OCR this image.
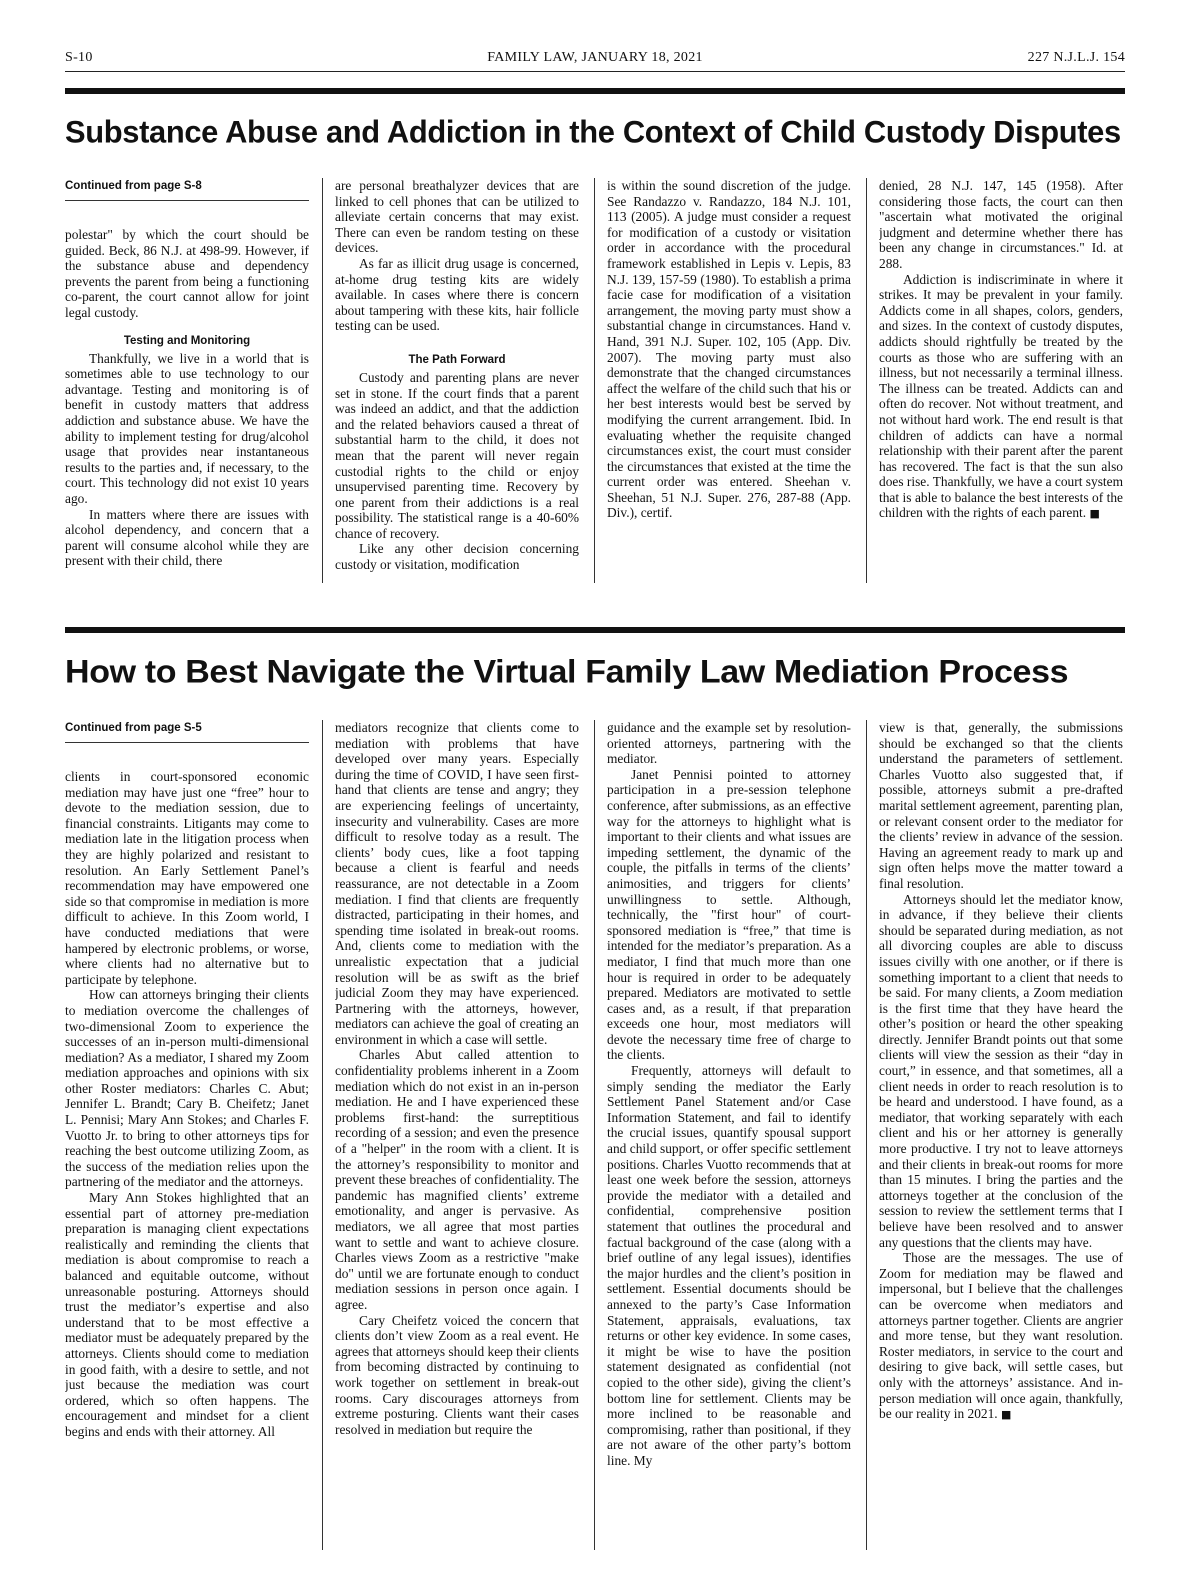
FAMILY LAW, JANUARY 18, 2021
S-10	227 N.J.L.J. 154
Substance Abuse and Addiction in the Context of Child Custody Disputes
Continued from page S-8

polestar" by which the court should be guided. Beck, 86 N.J. at 498-99. However, if the substance abuse and dependency prevents the parent from being a functioning co-parent, the court cannot allow for joint legal custody.

Testing and Monitoring

Thankfully, we live in a world that is sometimes able to use technology to our advantage. Testing and monitoring is of benefit in custody matters that address addiction and substance abuse. We have the ability to implement testing for drug/alcohol usage that provides near instantaneous results to the parties and, if necessary, to the court. This technology did not exist 10 years ago.

In matters where there are issues with alcohol dependency, and concern that a parent will consume alcohol while they are present with their child, there

are personal breathalyzer devices that are linked to cell phones that can be utilized to alleviate certain concerns that may exist. There can even be random testing on these devices.

As far as illicit drug usage is concerned, at-home drug testing kits are widely available. In cases where there is concern about tampering with these kits, hair follicle testing can be used.

The Path Forward

Custody and parenting plans are never set in stone. If the court finds that a parent was indeed an addict, and that the addiction and the related behaviors caused a threat of substantial harm to the child, it does not mean that the parent will never regain custodial rights to the child or enjoy unsupervised parenting time. Recovery by one parent from their addictions is a real possibility. The statistical range is a 40-60% chance of recovery.

Like any other decision concerning custody or visitation, modification

is within the sound discretion of the judge. See Randazzo v. Randazzo, 184 N.J. 101, 113 (2005). A judge must consider a request for modification of a custody or visitation order in accordance with the procedural framework established in Lepis v. Lepis, 83 N.J. 139, 157-59 (1980). To establish a prima facie case for modification of a visitation arrangement, the moving party must show a substantial change in circumstances. Hand v. Hand, 391 N.J. Super. 102, 105 (App. Div. 2007). The moving party must also demonstrate that the changed circumstances affect the welfare of the child such that his or her best interests would best be served by modifying the current arrangement. Ibid. In evaluating whether the requisite changed circumstances exist, the court must consider the circumstances that existed at the time the current order was entered. Sheehan v. Sheehan, 51 N.J. Super. 276, 287-88 (App. Div.), certif.

denied, 28 N.J. 147, 145 (1958). After considering those facts, the court can then "ascertain what motivated the original judgment and determine whether there has been any change in circumstances." Id. at 288.

Addiction is indiscriminate in where it strikes. It may be prevalent in your family. Addicts come in all shapes, colors, genders, and sizes. In the context of custody disputes, addicts should rightfully be treated by the courts as those who are suffering with an illness, but not necessarily a terminal illness. The illness can be treated. Addicts can and often do recover. Not without treatment, and not without hard work. The end result is that children of addicts can have a normal relationship with their parent after the parent has recovered. The fact is that the sun also does rise. Thankfully, we have a court system that is able to balance the best interests of the children with the rights of each parent. ■

How to Best Navigate the Virtual Family Law Mediation Process
Continued from page S-5

clients in court-sponsored economic mediation may have just one “free” hour to devote to the mediation session, due to financial constraints. Litigants may come to mediation late in the litigation process when they are highly polarized and resistant to resolution. An Early Settlement Panel’s recommendation may have empowered one side so that compromise in mediation is more difficult to achieve. In this Zoom world, I have conducted mediations that were hampered by electronic problems, or worse, where clients had no alternative but to participate by telephone.

How can attorneys bringing their clients to mediation overcome the challenges of two-dimensional Zoom to experience the successes of an in-person multi-dimensional mediation? As a mediator, I shared my Zoom mediation approaches and opinions with six other Roster mediators: Charles C. Abut; Jennifer L. Brandt; Cary B. Cheifetz; Janet L. Pennisi; Mary Ann Stokes; and Charles F. Vuotto Jr. to bring to other attorneys tips for reaching the best outcome utilizing Zoom, as the success of the mediation relies upon the partnering of the mediator and the attorneys.

Mary Ann Stokes highlighted that an essential part of attorney pre-mediation preparation is managing client expectations realistically and reminding the clients that mediation is about compromise to reach a balanced and equitable outcome, without unreasonable posturing. Attorneys should trust the mediator’s expertise and also understand that to be most effective a mediator must be adequately prepared by the attorneys. Clients should come to mediation in good faith, with a desire to settle, and not just because the mediation was court ordered, which so often happens. The encouragement and mindset for a client begins and ends with their attorney. All

mediators recognize that clients come to mediation with problems that have developed over many years. Especially during the time of COVID, I have seen first-hand that clients are tense and angry; they are experiencing feelings of uncertainty, insecurity and vulnerability. Cases are more difficult to resolve today as a result. The clients’ body cues, like a foot tapping because a client is fearful and needs reassurance, are not detectable in a Zoom mediation. I find that clients are frequently distracted, participating in their homes, and spending time isolated in break-out rooms. And, clients come to mediation with the unrealistic expectation that a judicial resolution will be as swift as the brief judicial Zoom they may have experienced. Partnering with the attorneys, however, mediators can achieve the goal of creating an environment in which a case will settle.

Charles Abut called attention to confidentiality problems inherent in a Zoom mediation which do not exist in an in-person mediation. He and I have experienced these problems first-hand: the surreptitious recording of a session; and even the presence of a "helper" in the room with a client. It is the attorney’s responsibility to monitor and prevent these breaches of confidentiality. The pandemic has magnified clients’ extreme emotionality, and anger is pervasive. As mediators, we all agree that most parties want to settle and want to achieve closure. Charles views Zoom as a restrictive "make do" until we are fortunate enough to conduct mediation sessions in person once again. I agree.

Cary Cheifetz voiced the concern that clients don’t view Zoom as a real event. He agrees that attorneys should keep their clients from becoming distracted by continuing to work together on settlement in break-out rooms. Cary discourages attorneys from extreme posturing. Clients want their cases resolved in mediation but require the

guidance and the example set by resolution-oriented attorneys, partnering with the mediator.

Janet Pennisi pointed to attorney participation in a pre-session telephone conference, after submissions, as an effective way for the attorneys to highlight what is important to their clients and what issues are impeding settlement, the dynamic of the couple, the pitfalls in terms of the clients’ animosities, and triggers for clients’ unwillingness to settle. Although, technically, the "first hour" of court-sponsored mediation is “free,” that time is intended for the mediator’s preparation. As a mediator, I find that much more than one hour is required in order to be adequately prepared. Mediators are motivated to settle cases and, as a result, if that preparation exceeds one hour, most mediators will devote the necessary time free of charge to the clients.

Frequently, attorneys will default to simply sending the mediator the Early Settlement Panel Statement and/or Case Information Statement, and fail to identify the crucial issues, quantify spousal support and child support, or offer specific settlement positions. Charles Vuotto recommends that at least one week before the session, attorneys provide the mediator with a detailed and confidential, comprehensive position statement that outlines the procedural and factual background of the case (along with a brief outline of any legal issues), identifies the major hurdles and the client’s position in settlement. Essential documents should be annexed to the party’s Case Information Statement, appraisals, evaluations, tax returns or other key evidence. In some cases, it might be wise to have the position statement designated as confidential (not copied to the other side), giving the client’s bottom line for settlement. Clients may be more inclined to be reasonable and compromising, rather than positional, if they are not aware of the other party’s bottom line. My

view is that, generally, the submissions should be exchanged so that the clients understand the parameters of settlement. Charles Vuotto also suggested that, if possible, attorneys submit a pre-drafted marital settlement agreement, parenting plan, or relevant consent order to the mediator for the clients’ review in advance of the session. Having an agreement ready to mark up and sign often helps move the matter toward a final resolution.

Attorneys should let the mediator know, in advance, if they believe their clients should be separated during mediation, as not all divorcing couples are able to discuss issues civilly with one another, or if there is something important to a client that needs to be said. For many clients, a Zoom mediation is the first time that they have heard the other’s position or heard the other speaking directly. Jennifer Brandt points out that some clients will view the session as their “day in court,” in essence, and that sometimes, all a client needs in order to reach resolution is to be heard and understood. I have found, as a mediator, that working separately with each client and his or her attorney is generally more productive. I try not to leave attorneys and their clients in break-out rooms for more than 15 minutes. I bring the parties and the attorneys together at the conclusion of the session to review the settlement terms that I believe have been resolved and to answer any questions that the clients may have.

Those are the messages. The use of Zoom for mediation may be flawed and impersonal, but I believe that the challenges can be overcome when mediators and attorneys partner together. Clients are angrier and more tense, but they want resolution. Roster mediators, in service to the court and desiring to give back, will settle cases, but only with the attorneys’ assistance. And in-person mediation will once again, thankfully, be our reality in 2021. ■
